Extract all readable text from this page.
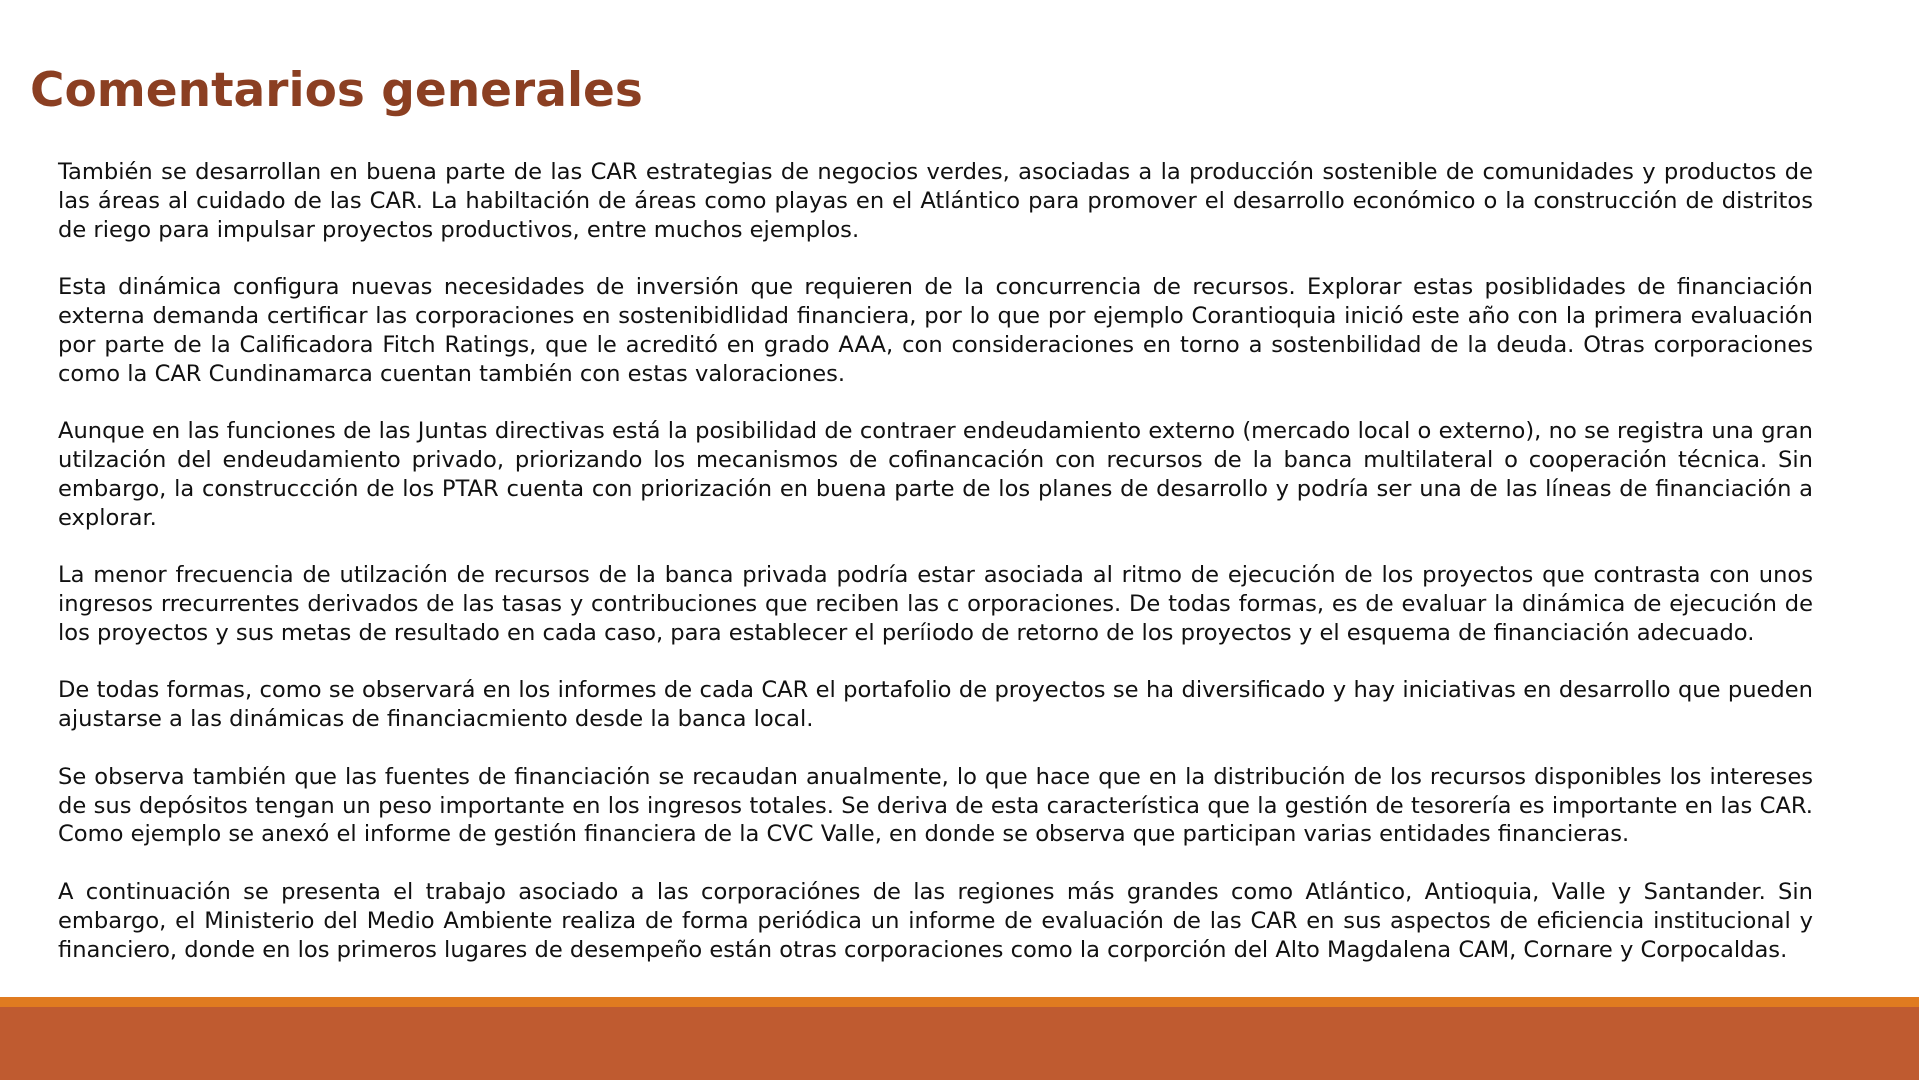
Comentarios generales

También se desarrollan en buena parte de las CAR estrategias de negocios verdes, asociadas a la producción sostenible de comunidades y productos de las áreas al cuidado de las CAR. La habiltación de áreas como playas en el Atlántico para promover el desarrollo económico o la construcción de distritos de riego para impulsar proyectos productivos, entre muchos ejemplos.

Esta dinámica configura nuevas necesidades de inversión que requieren de la concurrencia de recursos. Explorar estas posiblidades de financiación externa demanda certificar las corporaciones en sostenibidlidad financiera, por lo que por ejemplo Corantioquia inició este año con la primera evaluación por parte de la Calificadora Fitch Ratings, que le acreditó en grado AAA, con consideraciones en torno a sostenbilidad de la deuda. Otras corporaciones como la CAR Cundinamarca cuentan también con estas valoraciones.

Aunque en las funciones de las Juntas directivas está la posibilidad de contraer endeudamiento externo (mercado local o externo), no se registra una gran utilzación del endeudamiento privado, priorizando los mecanismos de cofinancación con recursos de la banca multilateral o cooperación técnica. Sin embargo, la construccción de los PTAR cuenta con priorización en buena parte de los planes de desarrollo y podría ser una de las líneas de financiación a explorar.

La menor frecuencia de utilzación de recursos de la banca privada podría estar asociada al ritmo de ejecución de los proyectos que contrasta con unos ingresos rrecurrentes derivados de las tasas y contribuciones que reciben las c orporaciones. De todas formas, es de evaluar la dinámica de ejecución de los proyectos y sus metas de resultado en cada caso, para establecer el períiodo de retorno de los proyectos y el esquema de financiación adecuado.

De todas formas, como se observará en los informes de cada CAR el portafolio de proyectos se ha diversificado y hay iniciativas en desarrollo que pueden ajustarse a las dinámicas de financiacmiento desde la banca local.

Se observa también que las fuentes de financiación se recaudan anualmente, lo que hace que en la distribución de los recursos disponibles los intereses de sus depósitos tengan un peso importante en los ingresos totales. Se deriva de esta característica que la gestión de tesorería es importante en las CAR. Como ejemplo se anexó el informe de gestión financiera de la CVC Valle, en donde se observa que participan varias entidades financieras.

A continuación se presenta el trabajo asociado a las corporaciónes de las regiones más grandes como Atlántico, Antioquia, Valle y Santander. Sin embargo, el Ministerio del Medio Ambiente realiza de forma periódica un informe de evaluación de las CAR en sus aspectos de eficiencia institucional y financiero, donde en los primeros lugares de desempeño están otras corporaciones como la corporción del Alto Magdalena CAM, Cornare y Corpocaldas.
